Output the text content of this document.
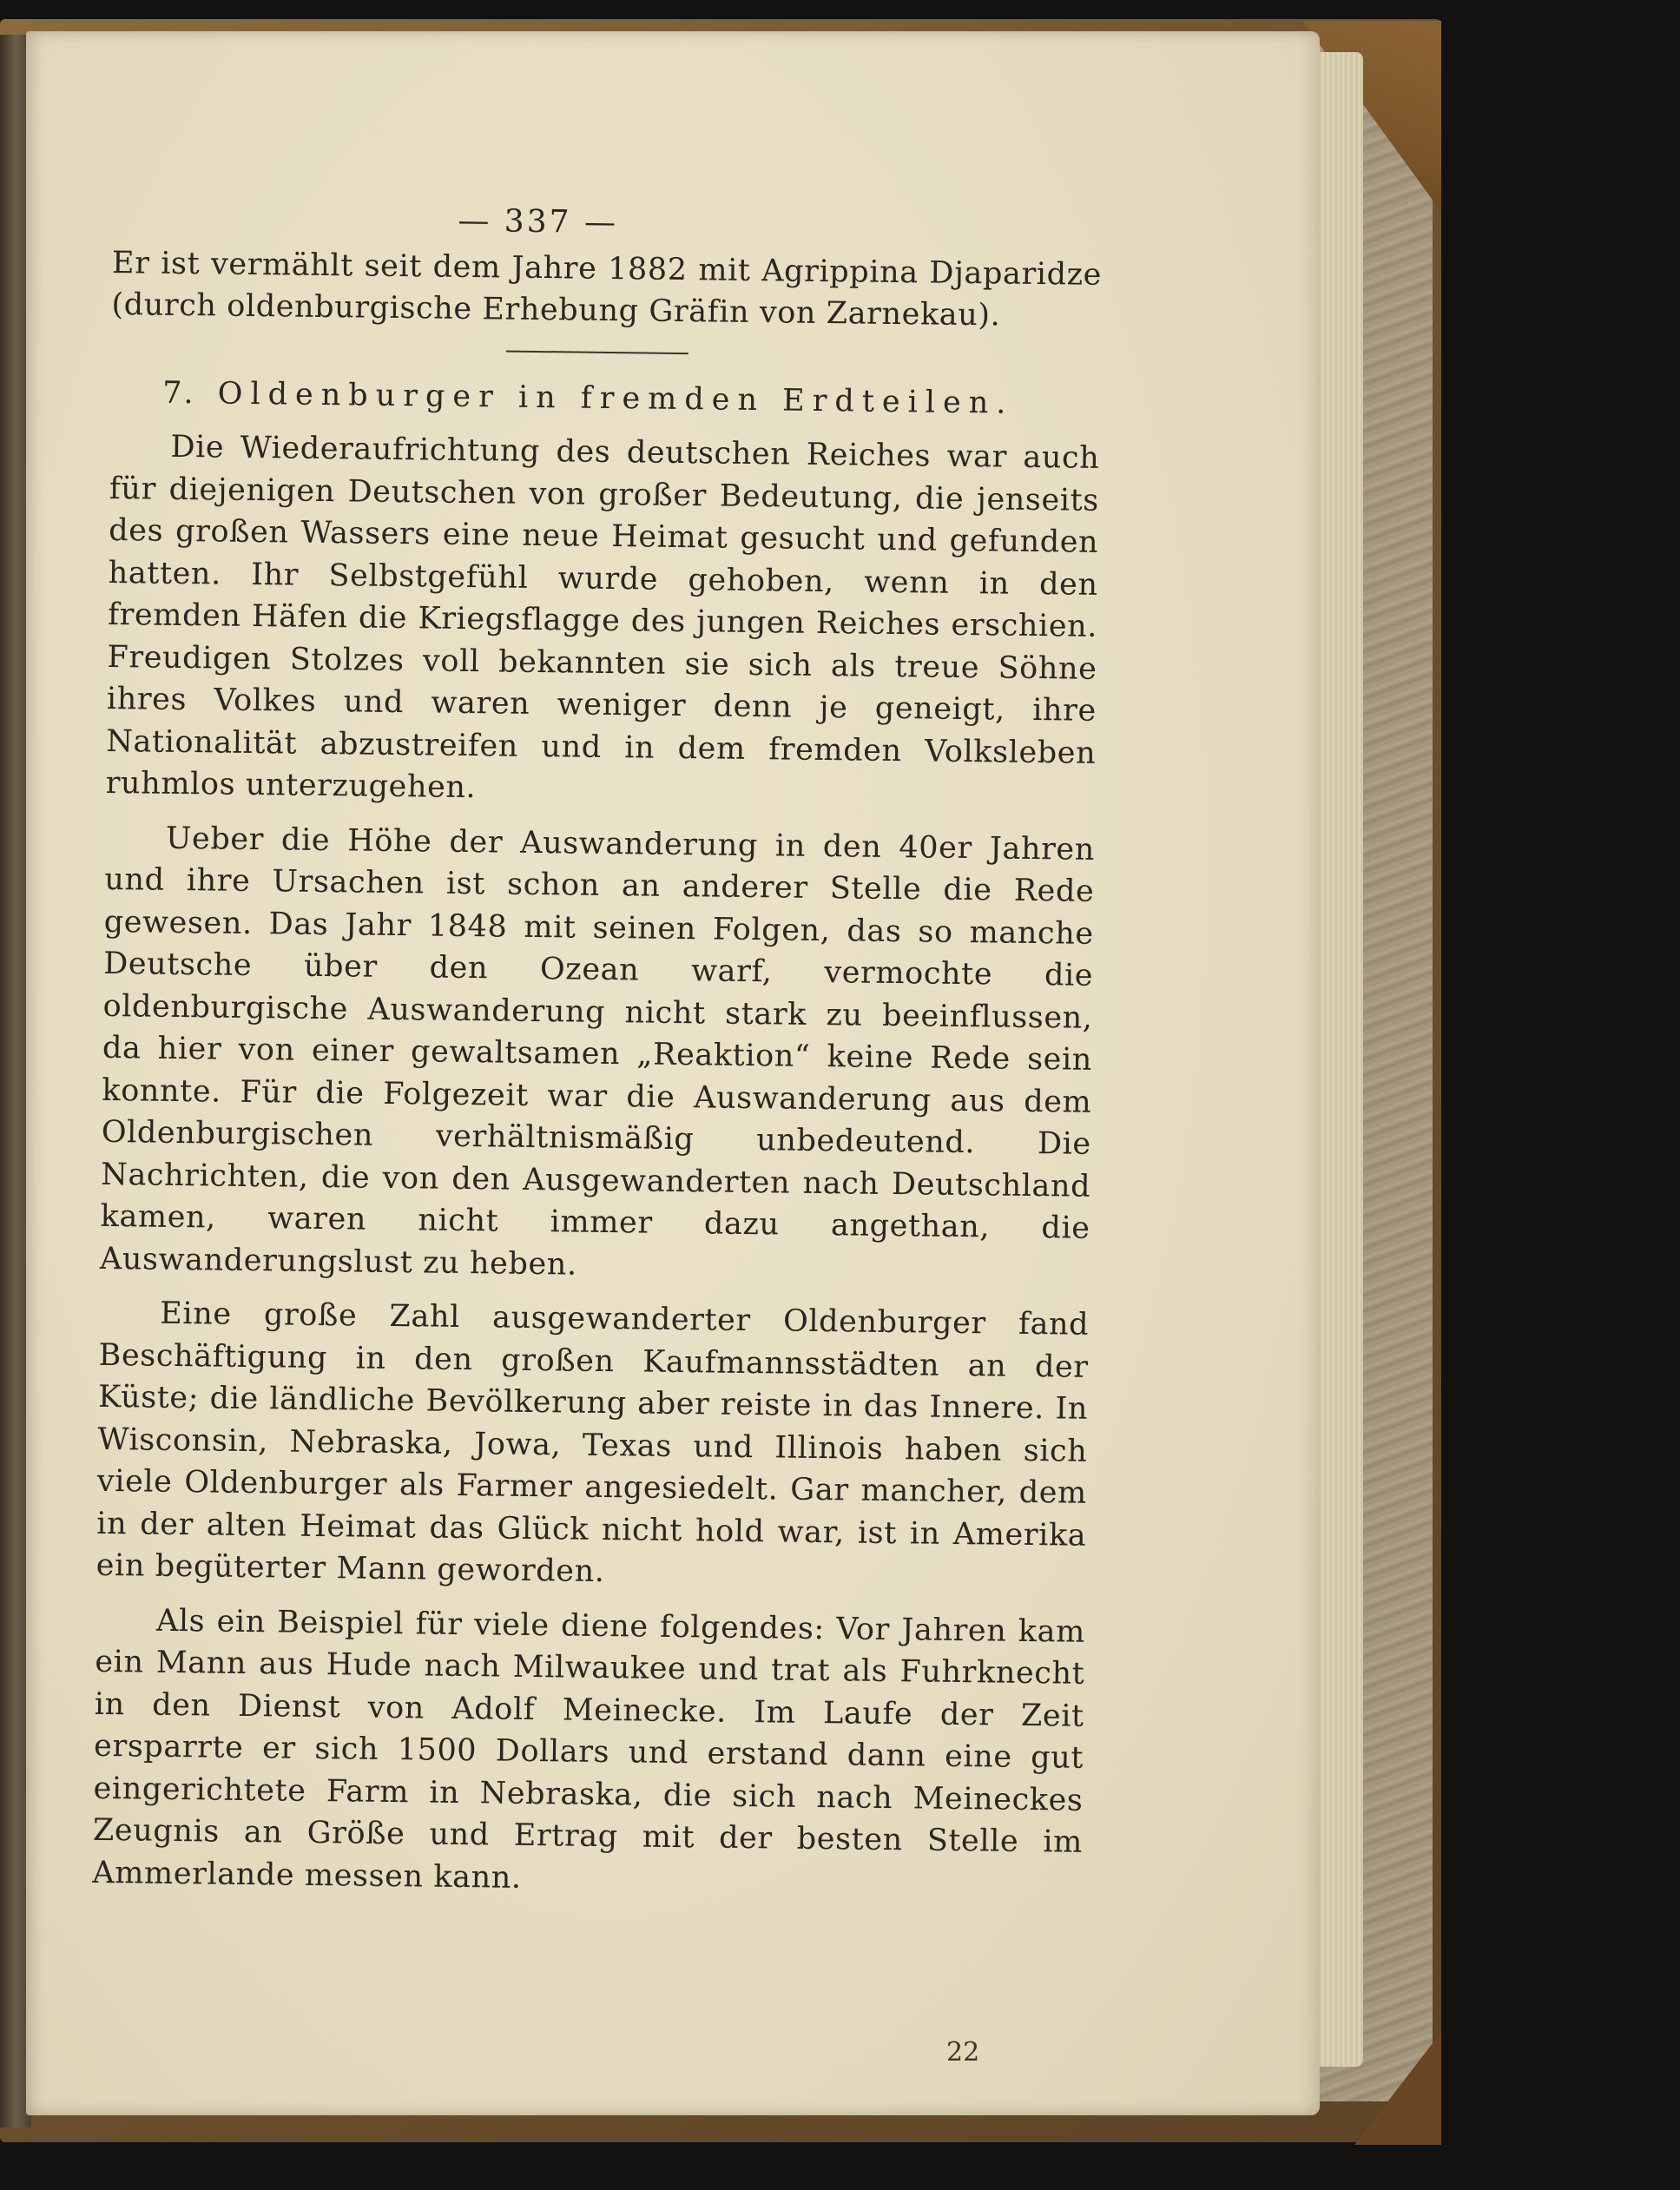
— 337 —

Er ist vermählt seit dem Jahre 1882 mit Agrippina Djaparidze (durch oldenburgische Erhebung Gräfin von Zarnekau).

7. Oldenburger in fremden Erdteilen.

Die Wiederaufrichtung des deutschen Reiches war auch für diejenigen Deutschen von großer Bedeutung, die jenseits des großen Wassers eine neue Heimat gesucht und gefunden hatten. Ihr Selbstgefühl wurde gehoben, wenn in den fremden Häfen die Kriegsflagge des jungen Reiches erschien. Freudigen Stolzes voll bekannten sie sich als treue Söhne ihres Volkes und waren weniger denn je geneigt, ihre Nationalität abzustreifen und in dem fremden Volksleben ruhmlos unterzugehen.

Ueber die Höhe der Auswanderung in den 40er Jahren und ihre Ursachen ist schon an anderer Stelle die Rede gewesen. Das Jahr 1848 mit seinen Folgen, das so manche Deutsche über den Ozean warf, vermochte die oldenburgische Auswanderung nicht stark zu beeinflussen, da hier von einer gewaltsamen „Reaktion“ keine Rede sein konnte. Für die Folgezeit war die Auswanderung aus dem Oldenburgischen verhältnismäßig unbedeutend. Die Nachrichten, die von den Ausgewanderten nach Deutschland kamen, waren nicht immer dazu angethan, die Auswanderungslust zu heben.

Eine große Zahl ausgewanderter Oldenburger fand Beschäftigung in den großen Kaufmannsstädten an der Küste; die ländliche Bevölkerung aber reiste in das Innere. In Wisconsin, Nebraska, Jowa, Texas und Illinois haben sich viele Oldenburger als Farmer angesiedelt. Gar mancher, dem in der alten Heimat das Glück nicht hold war, ist in Amerika ein begüterter Mann geworden.

Als ein Beispiel für viele diene folgendes: Vor Jahren kam ein Mann aus Hude nach Milwaukee und trat als Fuhrknecht in den Dienst von Adolf Meinecke. Im Laufe der Zeit ersparrte er sich 1500 Dollars und erstand dann eine gut eingerichtete Farm in Nebraska, die sich nach Meineckes Zeugnis an Größe und Ertrag mit der besten Stelle im Ammerlande messen kann.

22
